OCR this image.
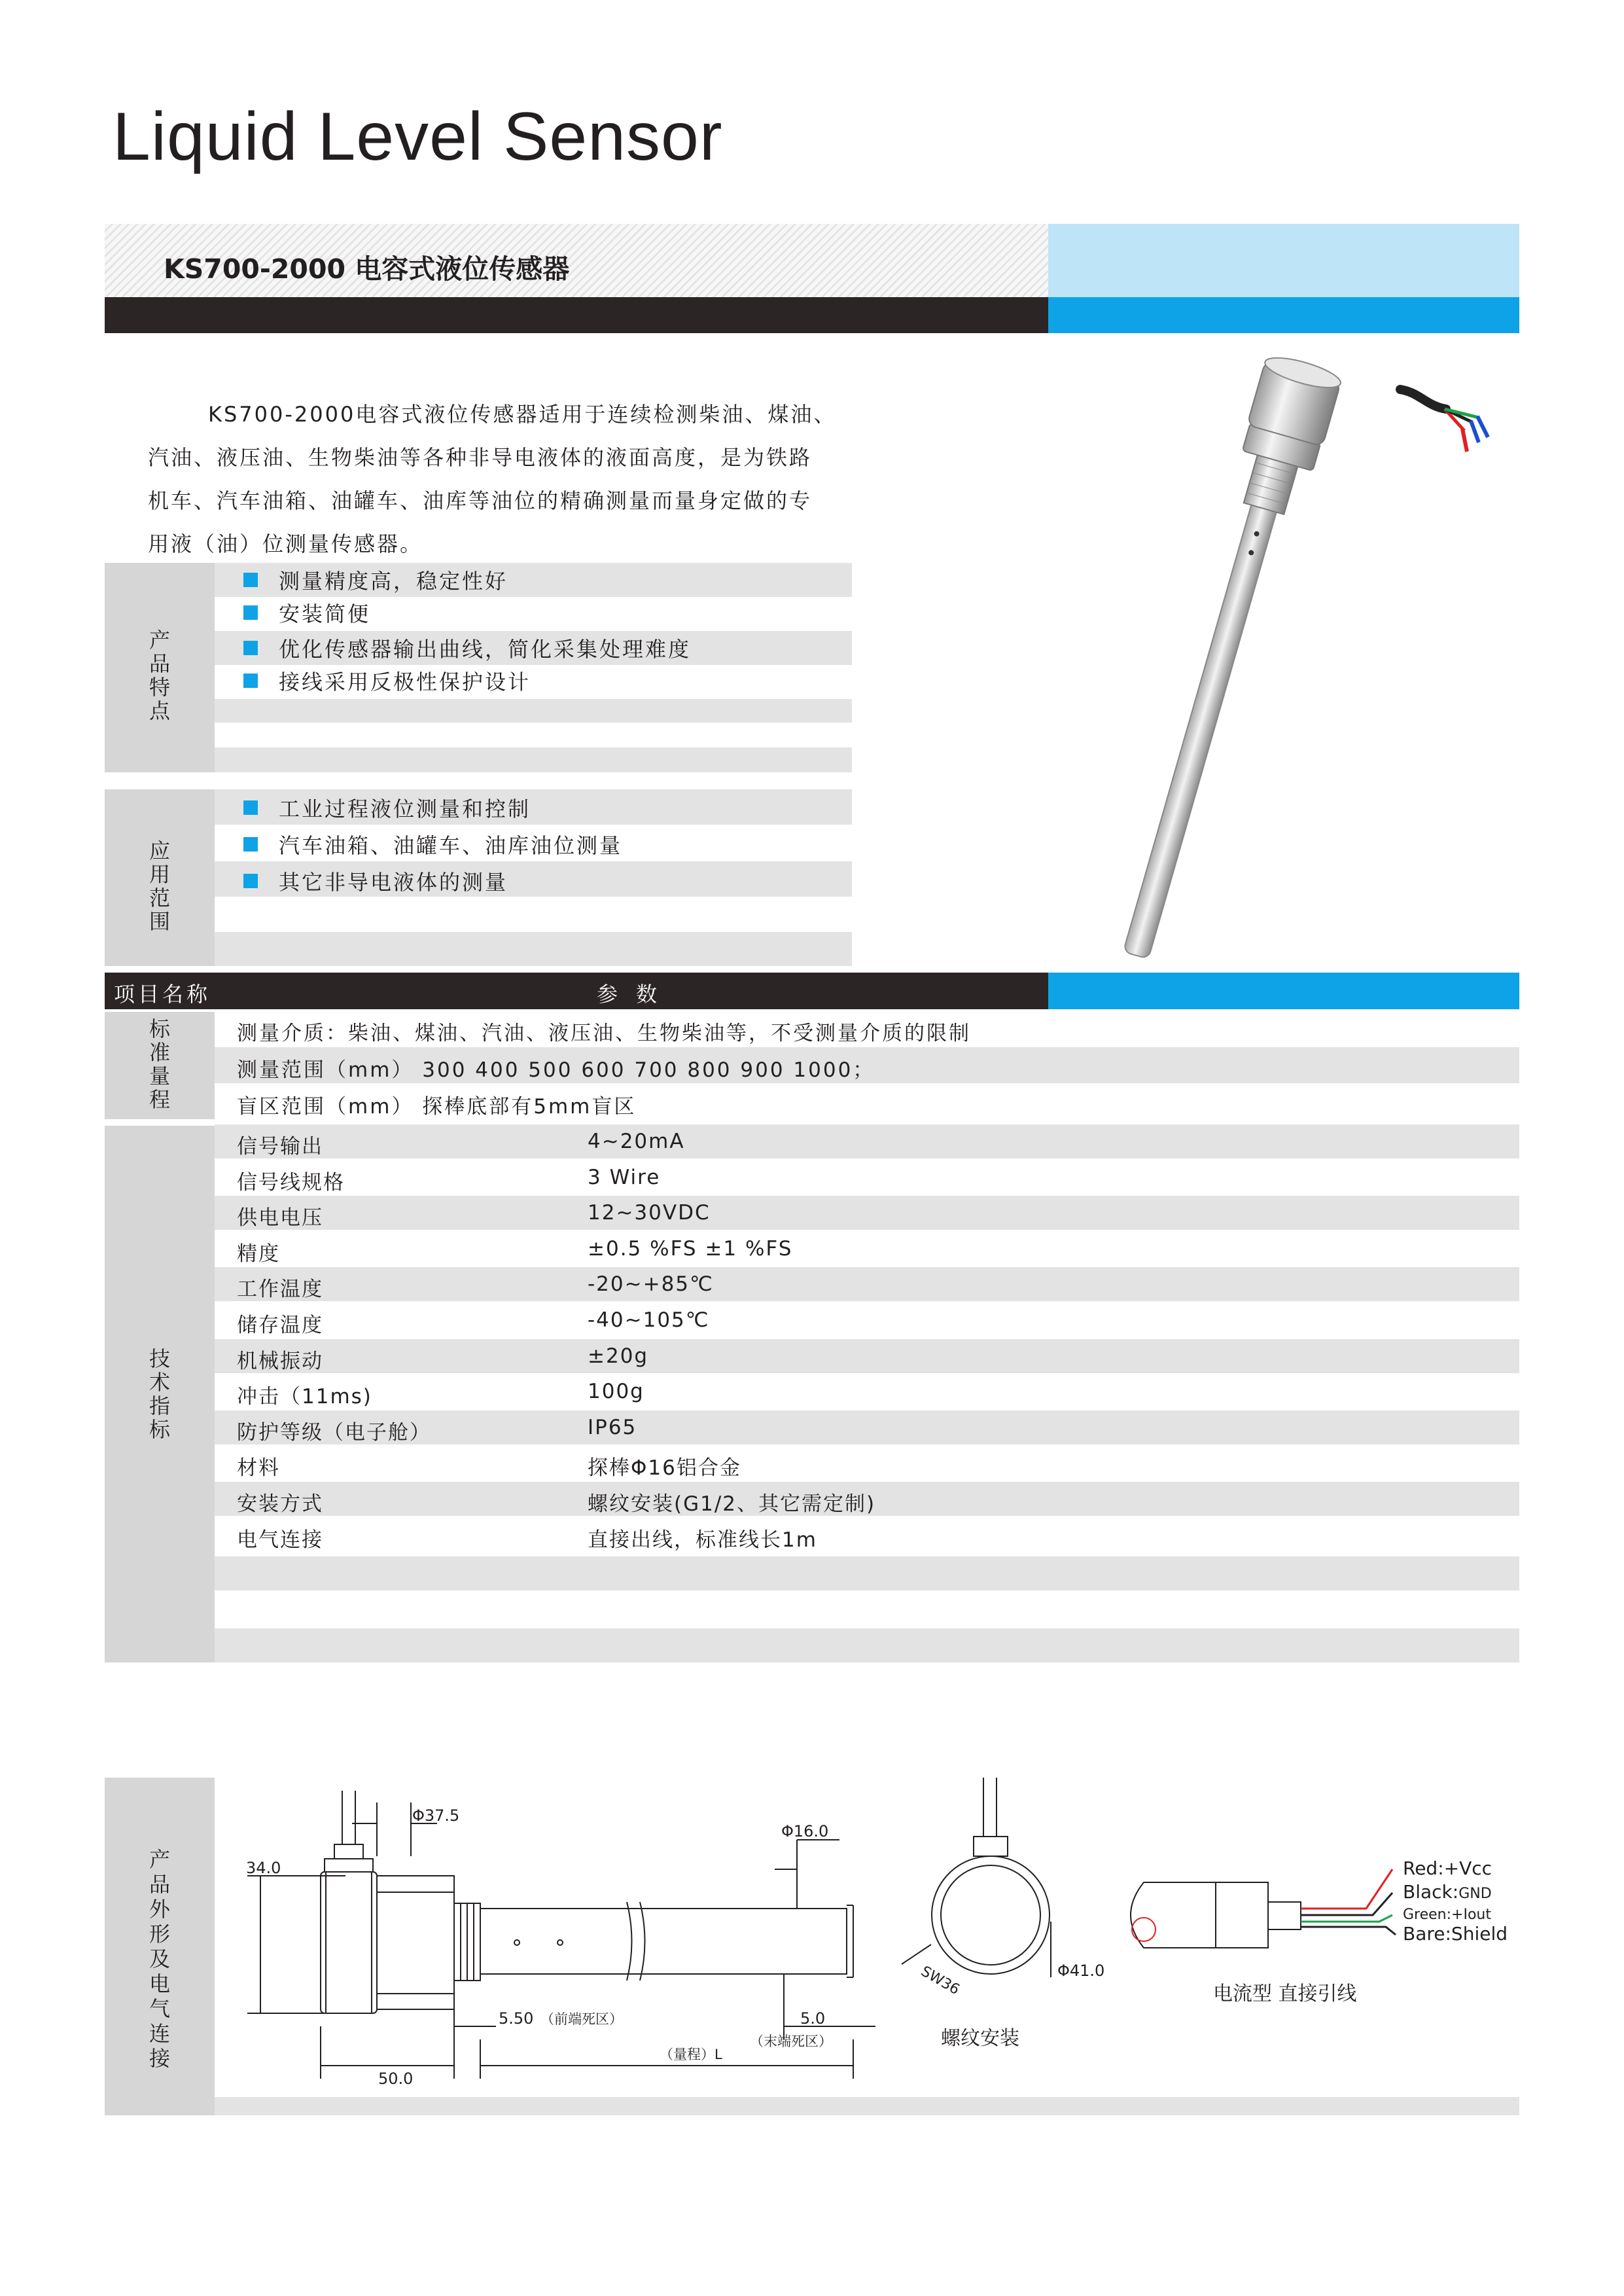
Liquid Level Sensor
KS700-2000 电容式液位传感器
KS700-2000电容式液位传感器适用于连续检测柴油、煤油、
汽油、液压油、生物柴油等各种非导电液体的液面高度，是为铁路
机车、汽车油箱、油罐车、油库等油位的精确测量而量身定做的专
用液（油）位测量传感器。
产品特点
测量精度高，稳定性好
安装简便
优化传感器输出曲线，简化采集处理难度
接线采用反极性保护设计
应用范围
工业过程液位测量和控制
汽车油箱、油罐车、油库油位测量
其它非导电液体的测量
项目名称	参数
标准量程
测量介质：柴油、煤油、汽油、液压油、生物柴油等，不受测量介质的限制
测量范围（mm） 300 400 500 600 700 800 900 1000；
盲区范围（mm） 探棒底部有5mm盲区
技术指标
信号输出	4~20mA
信号线规格	3 Wire
供电电压	12~30VDC
精度	±0.5 %FS ±1 %FS
工作温度	-20~+85℃
储存温度	-40~105℃
机械振动	±20g
冲击（11ms)	100g
防护等级（电子舱）	IP65
材料	探棒Φ16铝合金
安装方式	螺纹安装(G1/2、其它需定制)
电气连接	直接出线，标准线长1m
产品外形及电气连接
Φ37.5
34.0
Φ16.0
5.50 （前端死区）	5.0
（末端死区）
50.0
（量程）L
SW36	Φ41.0
螺纹安装
Red:+Vcc
Black:GND
Green:+Iout
Bare:Shield
电流型 直接引线
